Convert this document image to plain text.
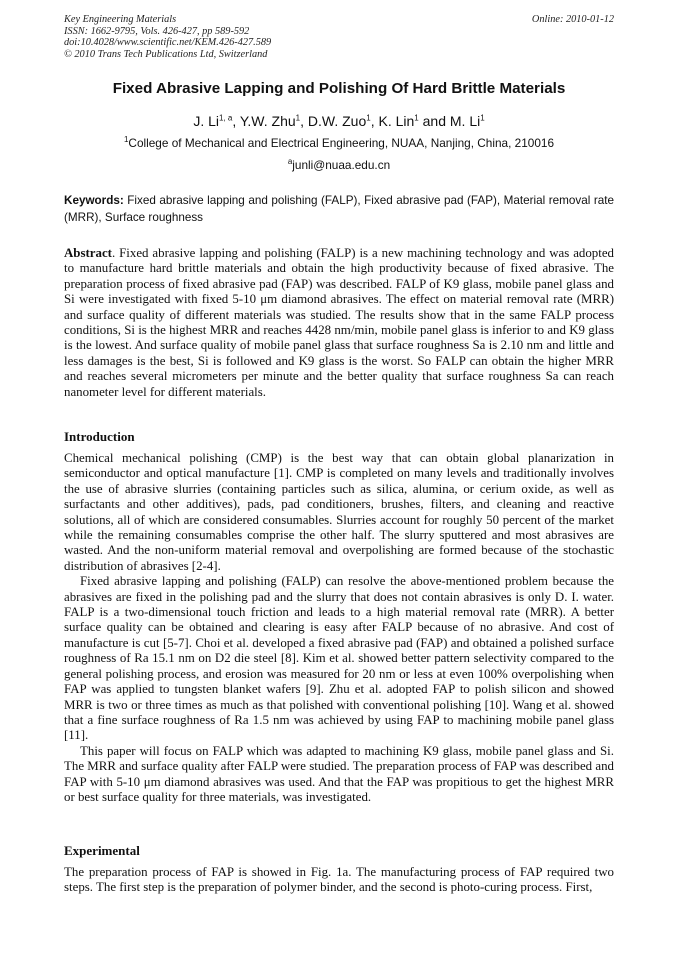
Key Engineering Materials
ISSN: 1662-9795, Vols. 426-427, pp 589-592
doi:10.4028/www.scientific.net/KEM.426-427.589
© 2010 Trans Tech Publications Ltd, Switzerland
Online: 2010-01-12
Fixed Abrasive Lapping and Polishing Of Hard Brittle Materials
J. Li$^{1, a}$, Y.W. Zhu$^1$, D.W. Zuo$^1$, K. Lin$^1$ and M. Li$^1$
$^1$College of Mechanical and Electrical Engineering, NUAA, Nanjing, China, 210016
$^a$junli@nuaa.edu.cn
Keywords: Fixed abrasive lapping and polishing (FALP), Fixed abrasive pad (FAP), Material removal rate (MRR), Surface roughness

Abstract. Fixed abrasive lapping and polishing (FALP) is a new machining technology and was adopted to manufacture hard brittle materials and obtain the high productivity because of fixed abrasive. The preparation process of fixed abrasive pad (FAP) was described. FALP of K9 glass, mobile panel glass and Si were investigated with fixed 5-10 μm diamond abrasives. The effect on material removal rate (MRR) and surface quality of different materials was studied. The results show that in the same FALP process conditions, Si is the highest MRR and reaches 4428 nm/min, mobile panel glass is inferior to and K9 glass is the lowest. And surface quality of mobile panel glass that surface roughness Sa is 2.10 nm and little and less damages is the best, Si is followed and K9 glass is the worst. So FALP can obtain the higher MRR and reaches several micrometers per minute and the better quality that surface roughness Sa can reach nanometer level for different materials.

Introduction

Chemical mechanical polishing (CMP) is the best way that can obtain global planarization in semiconductor and optical manufacture [1]. CMP is completed on many levels and traditionally involves the use of abrasive slurries (containing particles such as silica, alumina, or cerium oxide, as well as surfactants and other additives), pads, pad conditioners, brushes, filters, and cleaning and reactive solutions, all of which are considered consumables. Slurries account for roughly 50 percent of the market while the remaining consumables comprise the other half. The slurry sputtered and most abrasives are wasted. And the non-uniform material removal and overpolishing are formed because of the stochastic distribution of abrasives [2-4].

Fixed abrasive lapping and polishing (FALP) can resolve the above-mentioned problem because the abrasives are fixed in the polishing pad and the slurry that does not contain abrasives is only D. I. water. FALP is a two-dimensional touch friction and leads to a high material removal rate (MRR). A better surface quality can be obtained and clearing is easy after FALP because of no abrasive. And cost of manufacture is cut [5-7]. Choi et al. developed a fixed abrasive pad (FAP) and obtained a polished surface roughness of Ra 15.1 nm on D2 die steel [8]. Kim et al. showed better pattern selectivity compared to the general polishing process, and erosion was measured for 20 nm or less at even 100% overpolishing when FAP was applied to tungsten blanket wafers [9]. Zhu et al. adopted FAP to polish silicon and showed MRR is two or three times as much as that polished with conventional polishing [10]. Wang et al. showed that a fine surface roughness of Ra 1.5 nm was achieved by using FAP to machining mobile panel glass [11].

This paper will focus on FALP which was adapted to machining K9 glass, mobile panel glass and Si. The MRR and surface quality after FALP were studied. The preparation process of FAP was described and FAP with 5-10 μm diamond abrasives was used. And that the FAP was propitious to get the highest MRR or best surface quality for three materials, was investigated.

Experimental

The preparation process of FAP is showed in Fig. 1a. The manufacturing process of FAP required two steps. The first step is the preparation of polymer binder, and the second is photo-curing process. First,
